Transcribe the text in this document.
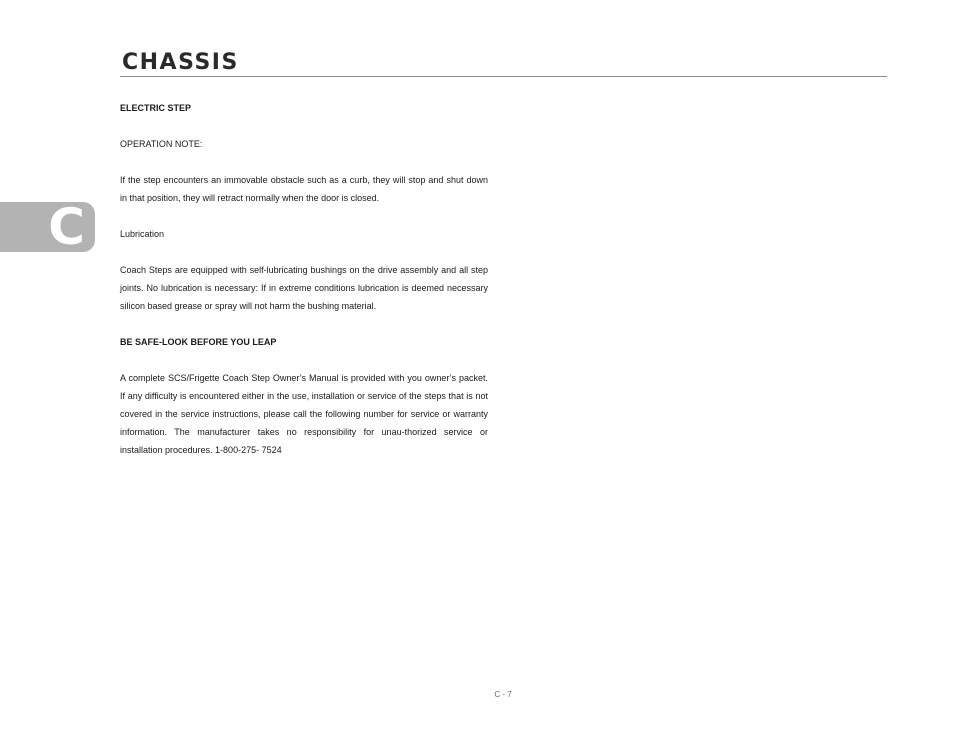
CHASSIS
C

ELECTRIC STEP

OPERATION NOTE:

If the step encounters an immovable obstacle such as a curb, they will stop and shut down in that position, they will retract normally when the door is closed.

Lubrication

Coach Steps are equipped with self-lubricating bushings on the drive assembly and all step joints. No lubrication is necessary: If in extreme conditions lubrication is deemed necessary silicon based grease or spray will not harm the bushing material.

BE SAFE-LOOK BEFORE YOU LEAP

A complete SCS/Frigette Coach Step Owner’s Manual is provided with you owner’s packet. If any difficulty is encountered either in the use, installation or service of the steps that is not covered in the service instructions, please call the following number for service or warranty information. The manufacturer takes no responsibility for unau-thorized service or installation procedures. 1-800-275- 7524

C - 7
